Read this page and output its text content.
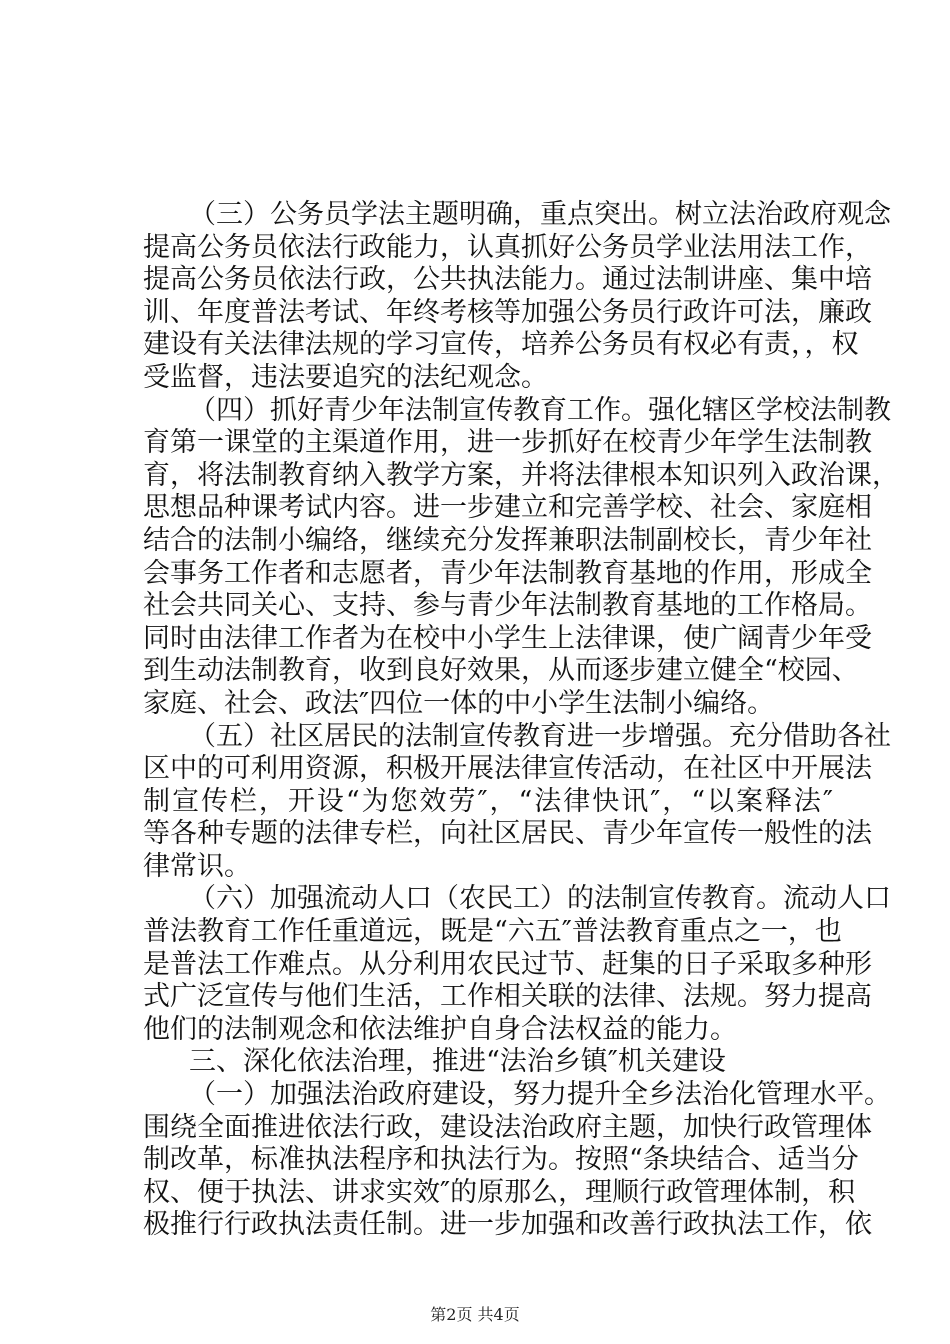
（三）公务员学法主题明确，重点突出。树立法治政府观念
提高公务员依法行政能力，认真抓好公务员学业法用法工作，
提高公务员依法行政，公共执法能力。通过法制讲座、集中培
训、年度普法考试、年终考核等加强公务员行政许可法，廉政
建设有关法律法规的学习宣传，培养公务员有权必有责，，权
受监督，违法要追究的法纪观念。
（四）抓好青少年法制宣传教育工作。强化辖区学校法制教
育第一课堂的主渠道作用，进一步抓好在校青少年学生法制教
育，将法制教育纳入教学方案，并将法律根本知识列入政治课，
思想品种课考试内容。进一步建立和完善学校、社会、家庭相
结合的法制小编络，继续充分发挥兼职法制副校长，青少年社
会事务工作者和志愿者，青少年法制教育基地的作用，形成全
社会共同关心、支持、参与青少年法制教育基地的工作格局。
同时由法律工作者为在校中小学生上法律课，使广阔青少年受
到生动法制教育，收到良好效果，从而逐步建立健全“校园、
家庭、社会、政法″四位一体的中小学生法制小编络。
（五）社区居民的法制宣传教育进一步增强。充分借助各社
区中的可利用资源，积极开展法律宣传活动，在社区中开展法
制宣传栏，开设“为您效劳″，“法律快讯″，“以案释法″
等各种专题的法律专栏，向社区居民、青少年宣传一般性的法
律常识。
（六）加强流动人口（农民工）的法制宣传教育。流动人口
普法教育工作任重道远，既是“六五″普法教育重点之一，也
是普法工作难点。从分利用农民过节、赶集的日子采取多种形
式广泛宣传与他们生活，工作相关联的法律、法规。努力提高
他们的法制观念和依法维护自身合法权益的能力。
三、深化依法治理，推进“法治乡镇″机关建设
（一）加强法治政府建设，努力提升全乡法治化管理水平。
围绕全面推进依法行政，建设法治政府主题，加快行政管理体
制改革，标准执法程序和执法行为。按照“条块结合、适当分
权、便于执法、讲求实效″的原那么，理顺行政管理体制，积
极推行行政执法责任制。进一步加强和改善行政执法工作，依
第2页 共4页
